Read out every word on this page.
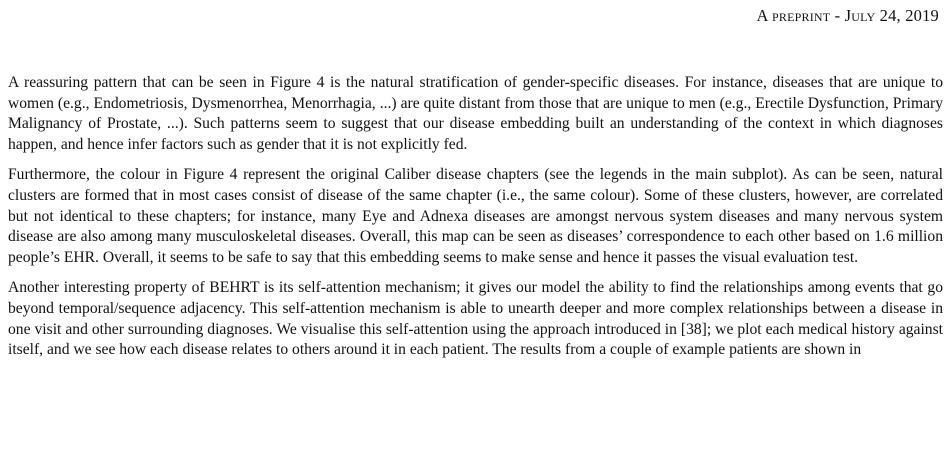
A preprint - July 24, 2019

A reassuring pattern that can be seen in Figure 4 is the natural stratification of gender-specific diseases. For instance, diseases that are unique to women (e.g., Endometriosis, Dysmenorrhea, Menorrhagia, ...) are quite distant from those that are unique to men (e.g., Erectile Dysfunction, Primary Malignancy of Prostate, ...). Such patterns seem to suggest that our disease embedding built an understanding of the context in which diagnoses happen, and hence infer factors such as gender that it is not explicitly fed.

Furthermore, the colour in Figure 4 represent the original Caliber disease chapters (see the legends in the main subplot). As can be seen, natural clusters are formed that in most cases consist of disease of the same chapter (i.e., the same colour). Some of these clusters, however, are correlated but not identical to these chapters; for instance, many Eye and Adnexa diseases are amongst nervous system diseases and many nervous system disease are also among many musculoskeletal diseases. Overall, this map can be seen as diseases’ correspondence to each other based on 1.6 million people’s EHR. Overall, it seems to be safe to say that this embedding seems to make sense and hence it passes the visual evaluation test.

Another interesting property of BEHRT is its self-attention mechanism; it gives our model the ability to find the relationships among events that go beyond temporal/sequence adjacency. This self-attention mechanism is able to unearth deeper and more complex relationships between a disease in one visit and other surrounding diagnoses. We visualise this self-attention using the approach introduced in [38]; we plot each medical history against itself, and we see how each disease relates to others around it in each patient. The results from a couple of example patients are shown in
